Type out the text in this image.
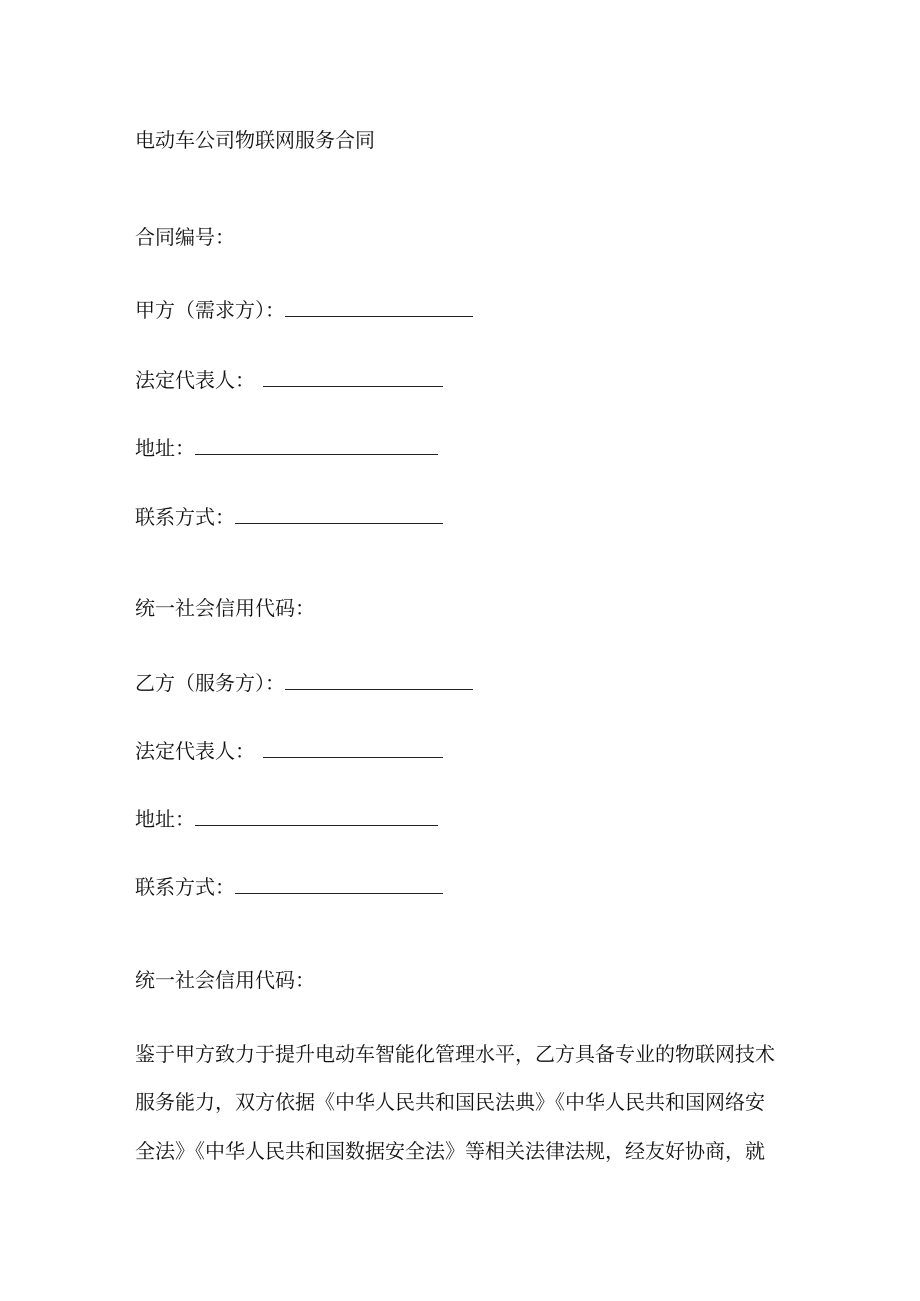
电动车公司物联网服务合同
合同编号：
甲方（需求方）：
法定代表人：
地址：
联系方式：
统一社会信用代码：
乙方（服务方）：
法定代表人：
地址：
联系方式：
统一社会信用代码：
鉴于甲方致力于提升电动车智能化管理水平，乙方具备专业的物联网技术
服务能力，双方依据《中华人民共和国民法典》《中华人民共和国网络安
全法》《中华人民共和国数据安全法》等相关法律法规，经友好协商，就
